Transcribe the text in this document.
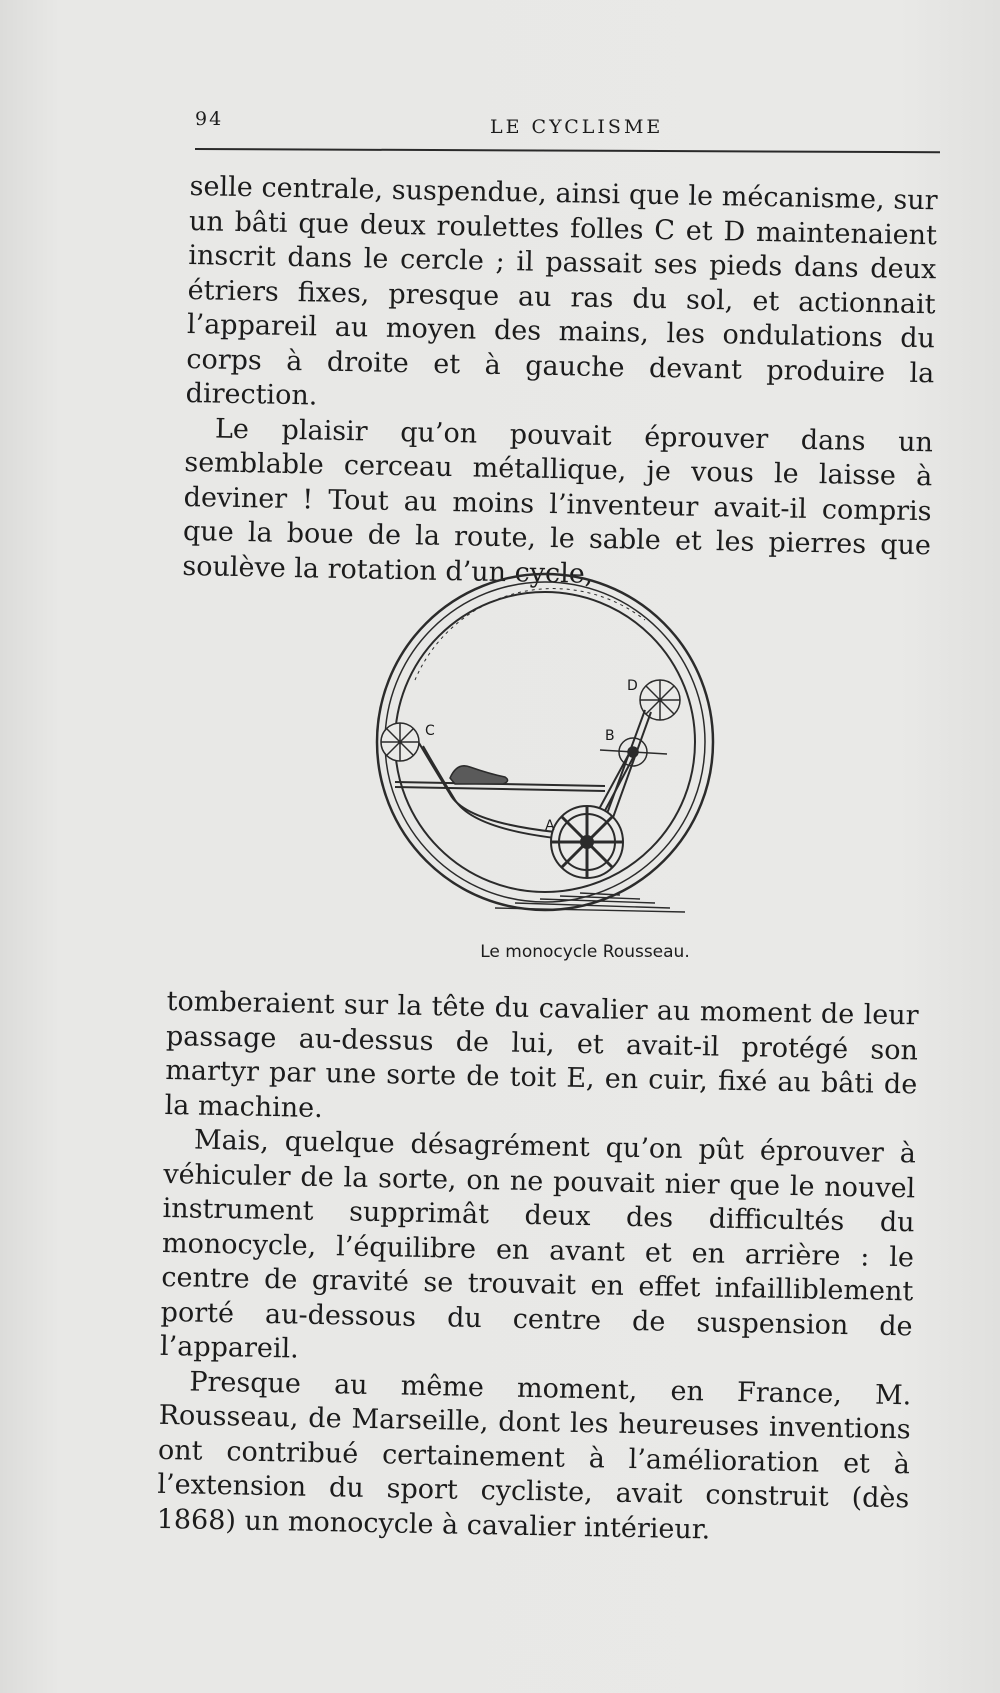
94	LE CYCLISME

selle centrale, suspendue, ainsi que le mécanisme, sur un bâti que deux roulettes folles C et D maintenaient inscrit dans le cercle ; il passait ses pieds dans deux étriers fixes, presque au ras du sol, et actionnait l’appareil au moyen des mains, les ondulations du corps à droite et à gauche devant produire la direction.

Le plaisir qu’on pouvait éprouver dans un semblable cerceau métallique, je vous le laisse à deviner ! Tout au moins l’inventeur avait-il compris que la boue de la route, le sable et les pierres que soulève la rotation d’un cycle,

C
D
B
A
Le monocycle Rousseau.

tomberaient sur la tête du cavalier au moment de leur passage au-dessus de lui, et avait-il protégé son martyr par une sorte de toit E, en cuir, fixé au bâti de la machine.

Mais, quelque désagrément qu’on pût éprouver à véhiculer de la sorte, on ne pouvait nier que le nouvel instrument supprimât deux des difficultés du monocycle, l’équilibre en avant et en arrière : le centre de gravité se trouvait en effet infailliblement porté au-dessous du centre de suspension de l’appareil.

Presque au même moment, en France, M. Rousseau, de Marseille, dont les heureuses inventions ont contribué certainement à l’amélioration et à l’extension du sport cycliste, avait construit (dès 1868) un monocycle à cavalier intérieur.
